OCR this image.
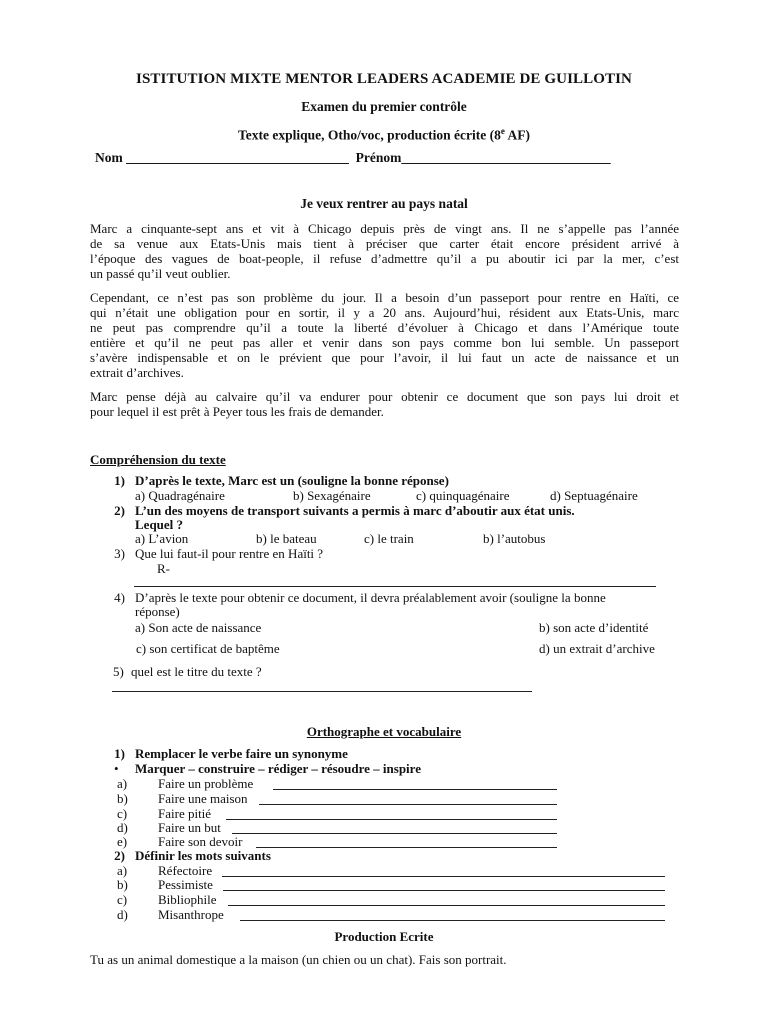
ISTITUTION MIXTE MENTOR LEADERS ACADEMIE DE GUILLOTIN
Examen du premier contrôle
Texte explique, Otho/voc, production écrite (8e AF)
Nom _________________________________  Prénom_______________________________
Je veux rentrer au pays natal
Marc a cinquante-sept ans et vit à Chicago depuis près de vingt ans. Il ne s’appelle pas l’année
de sa venue aux Etats-Unis mais tient à préciser que carter était encore président arrivé à
l’époque des vagues de boat-people, il refuse d’admettre qu’il a pu aboutir ici par la mer, c’est
un passé qu’il veut oublier.
Cependant, ce n’est pas son problème du jour. Il a besoin d’un passeport pour rentre en Haïti, ce
qui n’était une obligation pour en sortir, il y a 20 ans. Aujourd’hui, résident aux Etats-Unis, marc
ne peut pas comprendre qu’il a toute la liberté d’évoluer à Chicago et dans l’Amérique toute
entière et qu’il ne peut pas aller et venir dans son pays comme bon lui semble. Un passeport
s’avère indispensable et on le prévient que pour l’avoir, il lui faut un acte de naissance et un
extrait d’archives.
Marc pense déjà au calvaire qu’il va endurer pour obtenir ce document que son pays lui droit et
pour lequel il est prêt à Peyer tous les frais de demander.
Compréhension du texte
1) D’après le texte, Marc est un (souligne la bonne réponse)
a) Quadragénaire	b) Sexagénaire	c) quinquagénaire	d) Septuagénaire
2) L’un des moyens de transport suivants a permis à marc d’aboutir aux état unis.
Lequel ?
a) L’avion	b) le bateau	c) le train	b) l’autobus
3) Que lui faut-il pour rentre en Haïti ?
R-
4) D’après le texte pour obtenir ce document, il devra préalablement avoir (souligne la bonne
réponse)
a) Son acte de naissance	b) son acte d’identité
c) son certificat de baptême	d) un extrait d’archive
5) quel est le titre du texte ?
Orthographe et vocabulaire
1) Remplacer le verbe faire un synonyme
• Marquer – construire – rédiger – résoudre – inspire
a)	Faire un problème
b)	Faire une maison
c)	Faire pitié
d)	Faire un but
e)	Faire son devoir
2) Définir les mots suivants
a)	Réfectoire
b)	Pessimiste
c)	Bibliophile
d)	Misanthrope
Production Ecrite
Tu as un animal domestique a la maison (un chien ou un chat). Fais son portrait.
